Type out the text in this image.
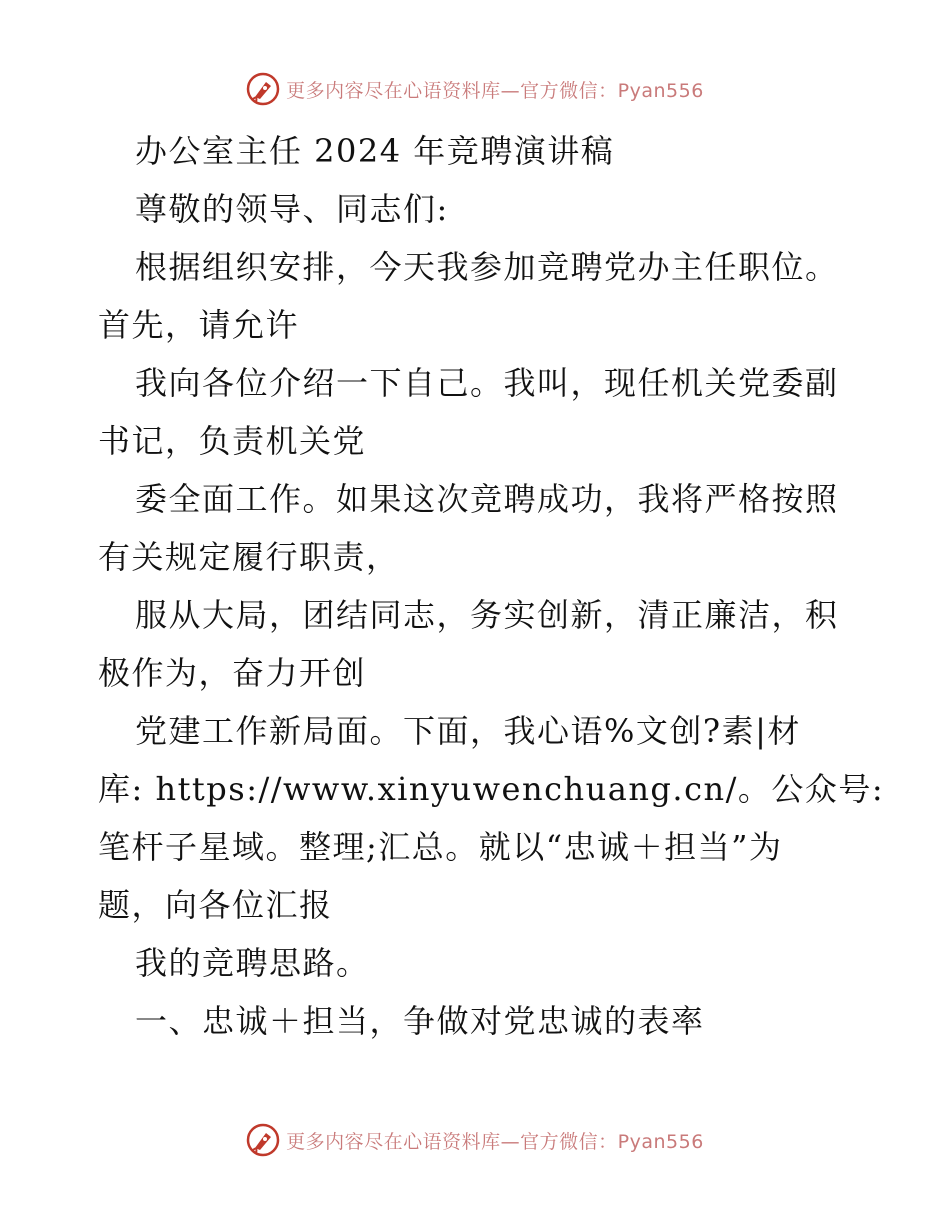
更多内容尽在心语资料库—官方微信：Pyan556
办公室主任 2024 年竞聘演讲稿
尊敬的领导、同志们:
根据组织安排，今天我参加竞聘党办主任职位。
首先，请允许
我向各位介绍一下自己。我叫，现任机关党委副
书记，负责机关党
委全面工作。如果这次竞聘成功，我将严格按照
有关规定履行职责，
服从大局，团结同志，务实创新，清正廉洁，积
极作为，奋力开创
党建工作新局面。下面，我心语%文创?素|材
库: https://www.xinyuwenchuang.cn/。公众号:
笔杆子星域。整理;汇总。就以“忠诚＋担当”为
题，向各位汇报
我的竞聘思路。
一、忠诚＋担当，争做对党忠诚的表率
更多内容尽在心语资料库—官方微信：Pyan556
